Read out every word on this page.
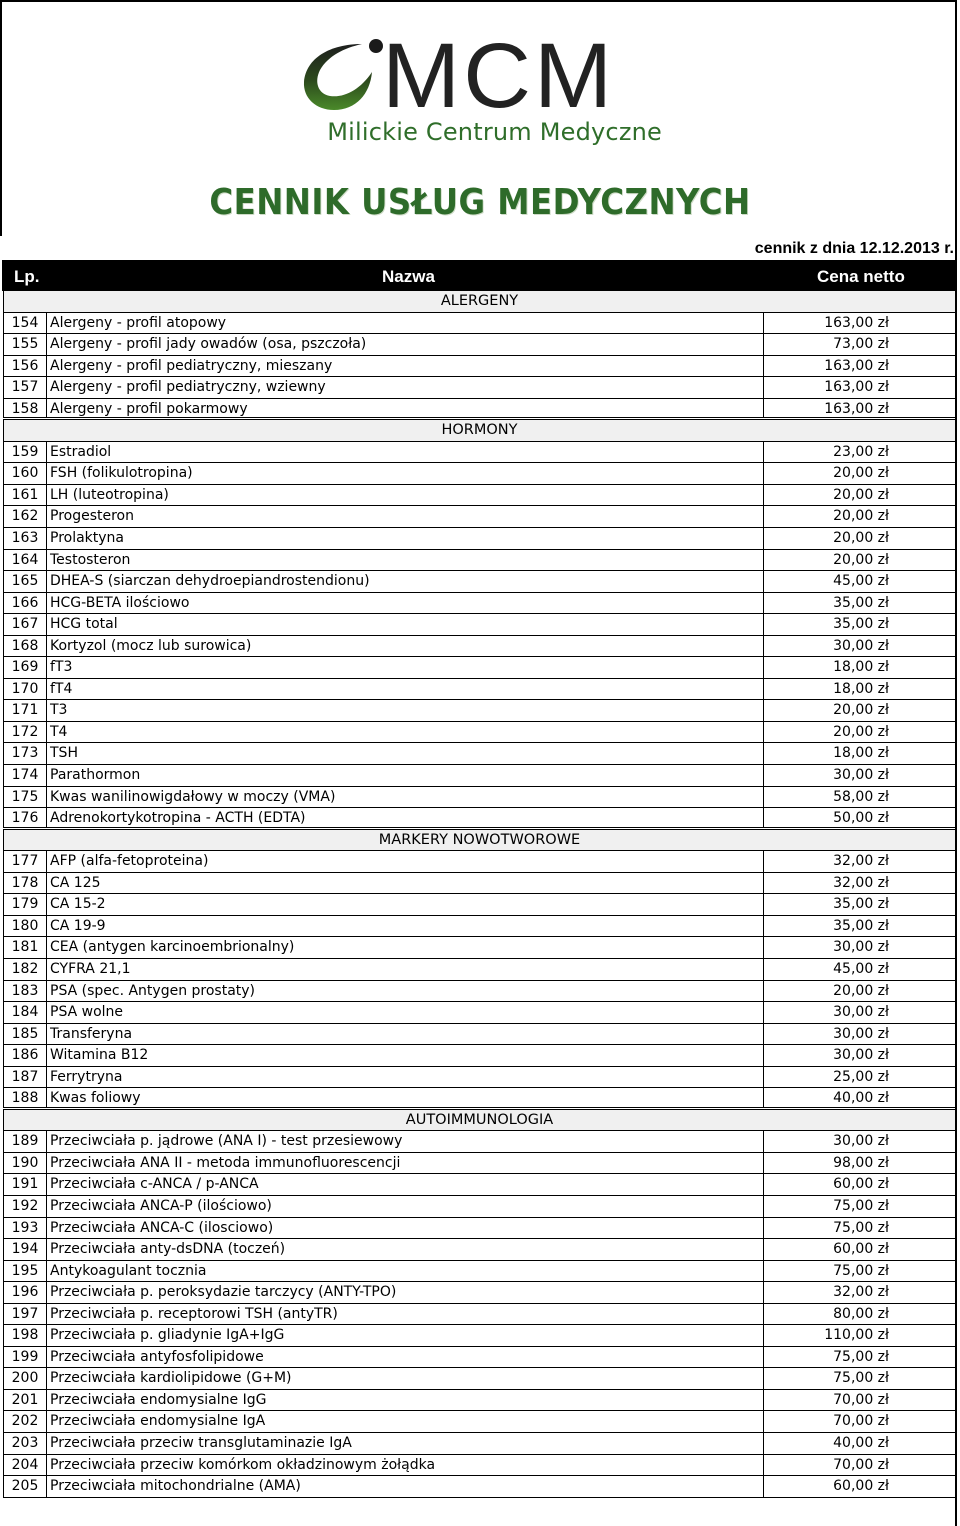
MCM
Milickie Centrum Medyczne
CENNIK USŁUG MEDYCZNYCH
cennik z dnia 12.12.2013 r.
Lp.	Nazwa	Cena netto
ALERGENY
154 Alergeny - profil atopowy	163,00 zł
155 Alergeny - profil jady owadów (osa, pszczoła)	73,00 zł
156 Alergeny - profil pediatryczny, mieszany	163,00 zł
157 Alergeny - profil pediatryczny, wziewny	163,00 zł
158 Alergeny - profil pokarmowy	163,00 zł
HORMONY
159 Estradiol	23,00 zł
160 FSH (folikulotropina)	20,00 zł
161 LH (luteotropina)	20,00 zł
162 Progesteron	20,00 zł
163 Prolaktyna	20,00 zł
164 Testosteron	20,00 zł
165 DHEA-S (siarczan dehydroepiandrostendionu)	45,00 zł
166 HCG-BETA ilościowo	35,00 zł
167 HCG total	35,00 zł
168 Kortyzol (mocz lub surowica)	30,00 zł
169 fT3	18,00 zł
170 fT4	18,00 zł
171 T3	20,00 zł
172 T4	20,00 zł
173 TSH	18,00 zł
174 Parathormon	30,00 zł
175 Kwas wanilinowigdałowy w moczy (VMA)	58,00 zł
176 Adrenokortykotropina - ACTH (EDTA)	50,00 zł
MARKERY NOWOTWOROWE
177 AFP (alfa-fetoproteina)	32,00 zł
178 CA 125	32,00 zł
179 CA 15-2	35,00 zł
180 CA 19-9	35,00 zł
181 CEA (antygen karcinoembrionalny)	30,00 zł
182 CYFRA 21,1	45,00 zł
183 PSA (spec. Antygen prostaty)	20,00 zł
184 PSA wolne	30,00 zł
185 Transferyna	30,00 zł
186 Witamina B12	30,00 zł
187 Ferrytryna	25,00 zł
188 Kwas foliowy	40,00 zł
AUTOIMMUNOLOGIA
189 Przeciwciała p. jądrowe (ANA I) - test przesiewowy	30,00 zł
190 Przeciwciała ANA II - metoda immunofluorescencji	98,00 zł
191 Przeciwciała c-ANCA / p-ANCA	60,00 zł
192 Przeciwciała ANCA-P (ilościowo)	75,00 zł
193 Przeciwciała ANCA-C (ilosciowo)	75,00 zł
194 Przeciwciała anty-dsDNA (toczeń)	60,00 zł
195 Antykoagulant tocznia	75,00 zł
196 Przeciwciała p. peroksydazie tarczycy (ANTY-TPO)	32,00 zł
197 Przeciwciała p. receptorowi TSH (antyTR)	80,00 zł
198 Przeciwciała p. gliadynie IgA+IgG	110,00 zł
199 Przeciwciała antyfosfolipidowe	75,00 zł
200 Przeciwciała kardiolipidowe (G+M)	75,00 zł
201 Przeciwciała endomysialne IgG	70,00 zł
202 Przeciwciała endomysialne IgA	70,00 zł
203 Przeciwciała przeciw transglutaminazie IgA	40,00 zł
204 Przeciwciała przeciw komórkom okładzinowym żołądka	70,00 zł
205 Przeciwciała mitochondrialne (AMA)	60,00 zł
